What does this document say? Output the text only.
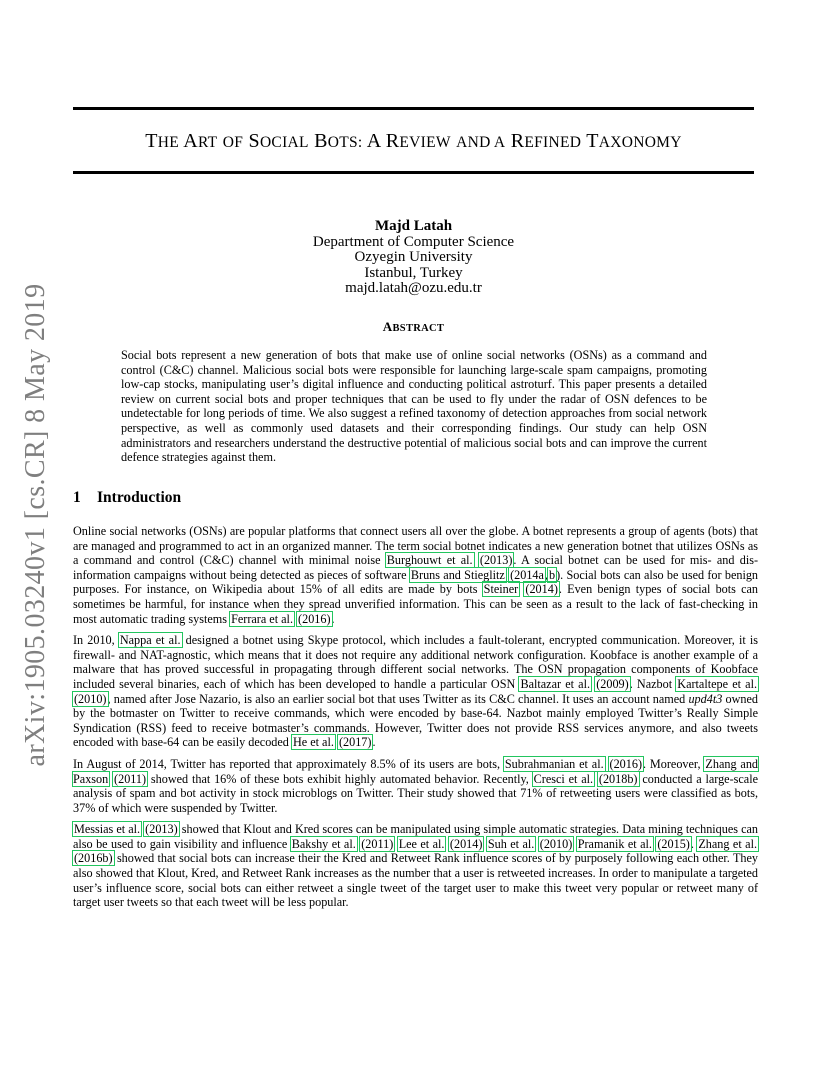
arXiv:1905.03240v1 [cs.CR] 8 May 2019
THE ART OF SOCIAL BOTS: A REVIEW AND A REFINED TAXONOMY
Majd Latah
Department of Computer Science
Ozyegin University
Istanbul, Turkey
majd.latah@ozu.edu.tr
ABSTRACT
Social bots represent a new generation of bots that make use of online social networks (OSNs) as a command and control (C&C) channel. Malicious social bots were responsible for launching large-scale spam campaigns, promoting low-cap stocks, manipulating user’s digital influence and conducting political astroturf. This paper presents a detailed review on current social bots and proper techniques that can be used to fly under the radar of OSN defences to be undetectable for long periods of time. We also suggest a refined taxonomy of detection approaches from social network perspective, as well as commonly used datasets and their corresponding findings. Our study can help OSN administrators and researchers understand the destructive potential of malicious social bots and can improve the current defence strategies against them.
1 Introduction

Online social networks (OSNs) are popular platforms that connect users all over the globe. A botnet represents a group of agents (bots) that are managed and programmed to act in an organized manner. The term social botnet indicates a new generation botnet that utilizes OSNs as a command and control (C&C) channel with minimal noise Burghouwt et al. (2013). A social botnet can be used for mis- and dis-information campaigns without being detected as pieces of software Bruns and Stieglitz (2014a,b). Social bots can also be used for benign purposes. For instance, on Wikipedia about 15% of all edits are made by bots Steiner (2014). Even benign types of social bots can sometimes be harmful, for instance when they spread unverified information. This can be seen as a result to the lack of fast-checking in most automatic trading systems Ferrara et al. (2016).

In 2010, Nappa et al. designed a botnet using Skype protocol, which includes a fault-tolerant, encrypted communication. Moreover, it is firewall- and NAT-agnostic, which means that it does not require any additional network configuration. Koobface is another example of a malware that has proved successful in propagating through different social networks. The OSN propagation components of Koobface included several binaries, each of which has been developed to handle a particular OSN Baltazar et al. (2009). Nazbot Kartaltepe et al. (2010), named after Jose Nazario, is also an earlier social bot that uses Twitter as its C&C channel. It uses an account named upd4t3 owned by the botmaster on Twitter to receive commands, which were encoded by base-64. Nazbot mainly employed Twitter’s Really Simple Syndication (RSS) feed to receive botmaster’s commands. However, Twitter does not provide RSS services anymore, and also tweets encoded with base-64 can be easily decoded He et al. (2017).

In August of 2014, Twitter has reported that approximately 8.5% of its users are bots, Subrahmanian et al. (2016). Moreover, Zhang and Paxson (2011) showed that 16% of these bots exhibit highly automated behavior. Recently, Cresci et al. (2018b) conducted a large-scale analysis of spam and bot activity in stock microblogs on Twitter. Their study showed that 71% of retweeting users were classified as bots, 37% of which were suspended by Twitter.

Messias et al. (2013) showed that Klout and Kred scores can be manipulated using simple automatic strategies. Data mining techniques can also be used to gain visibility and influence Bakshy et al. (2011) Lee et al. (2014) Suh et al. (2010) Pramanik et al. (2015). Zhang et al. (2016b) showed that social bots can increase their the Kred and Retweet Rank influence scores of by purposely following each other. They also showed that Klout, Kred, and Retweet Rank increases as the number that a user is retweeted increases. In order to manipulate a targeted user’s influence score, social bots can either retweet a single tweet of the target user to make this tweet very popular or retweet many of target user tweets so that each tweet will be less popular.
